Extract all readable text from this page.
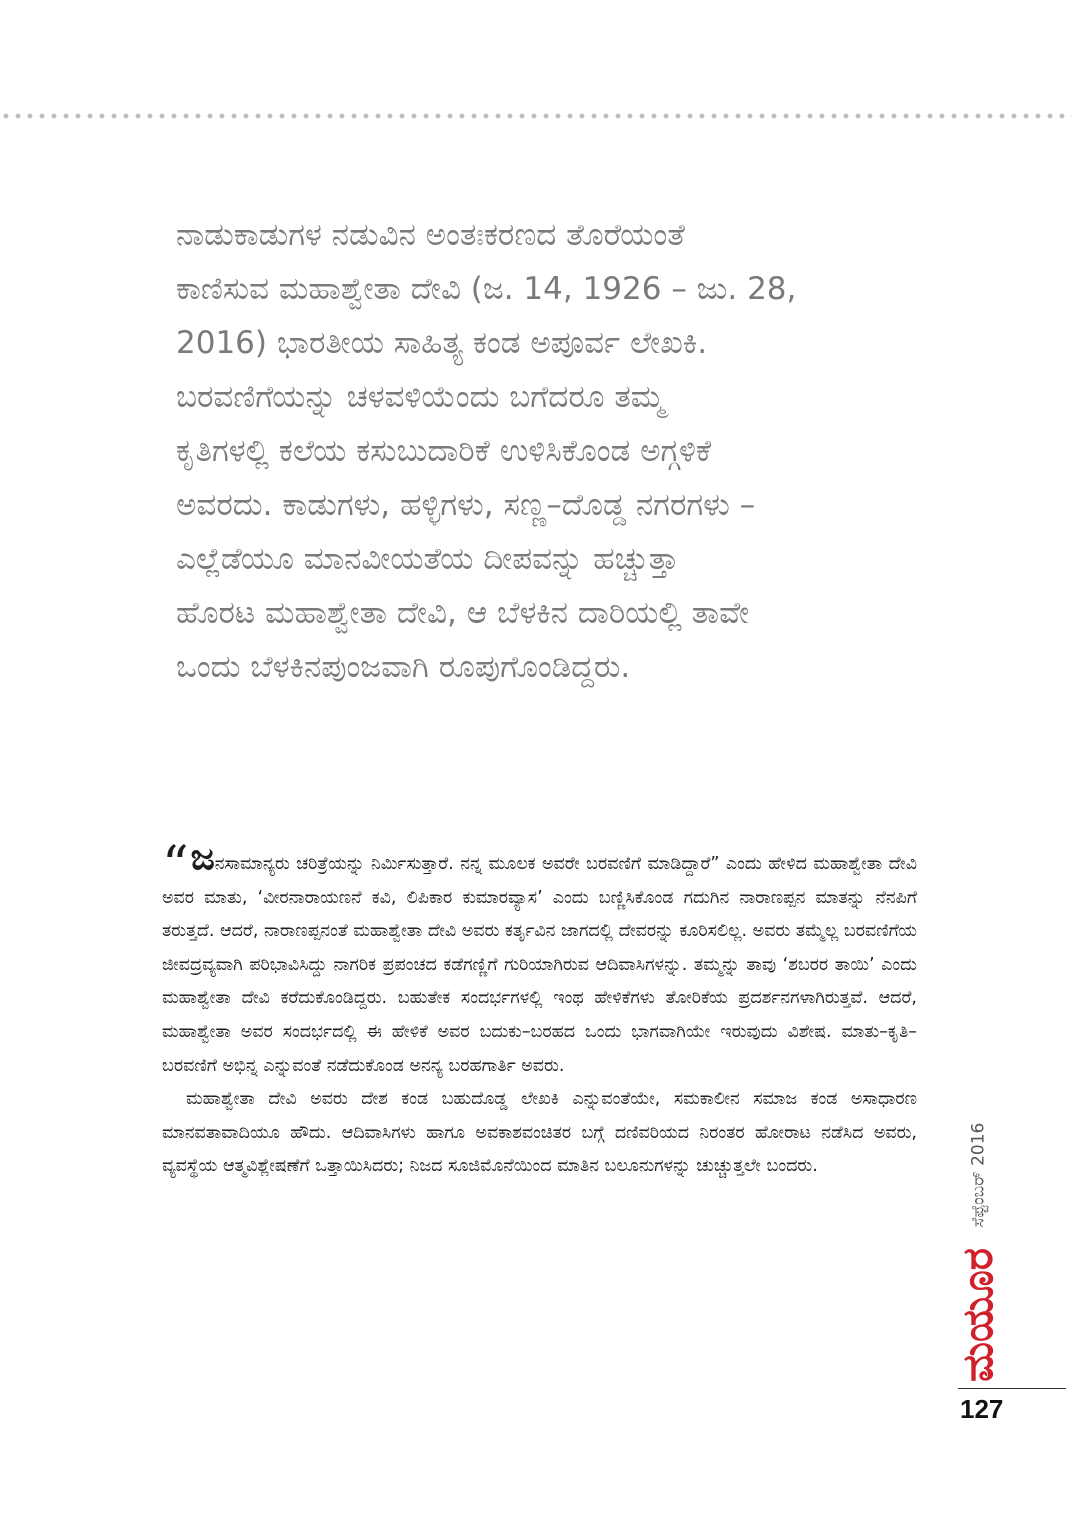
ನಾಡುಕಾಡುಗಳ ನಡುವಿನ ಅಂತಃಕರಣದ ತೊರೆಯಂತೆ
ಕಾಣಿಸುವ ಮಹಾಶ್ವೇತಾ ದೇವಿ (ಜ. 14, 1926 – ಜು. 28,
2016) ಭಾರತೀಯ ಸಾಹಿತ್ಯ ಕಂಡ ಅಪೂರ್ವ ಲೇಖಕಿ.
ಬರವಣಿಗೆಯನ್ನು ಚಳವಳಿಯೆಂದು ಬಗೆದರೂ ತಮ್ಮ
ಕೃತಿಗಳಲ್ಲಿ ಕಲೆಯ ಕಸುಬುದಾರಿಕೆ ಉಳಿಸಿಕೊಂಡ ಅಗ್ಗಳಿಕೆ
ಅವರದು. ಕಾಡುಗಳು, ಹಳ್ಳಿಗಳು, ಸಣ್ಣ–ದೊಡ್ಡ ನಗರಗಳು –
ಎಲ್ಲೆಡೆಯೂ ಮಾನವೀಯತೆಯ ದೀಪವನ್ನು ಹಚ್ಚುತ್ತಾ
ಹೊರಟ ಮಹಾಶ್ವೇತಾ ದೇವಿ, ಆ ಬೆಳಕಿನ ದಾರಿಯಲ್ಲಿ ತಾವೇ
ಒಂದು ಬೆಳಕಿನಪುಂಜವಾಗಿ ರೂಪುಗೊಂಡಿದ್ದರು.

“ಜನಸಾಮಾನ್ಯರು ಚರಿತ್ರೆಯನ್ನು ನಿರ್ಮಿಸುತ್ತಾರೆ. ನನ್ನ ಮೂಲಕ ಅವರೇ ಬರವಣಿಗೆ ಮಾಡಿದ್ದಾರೆ” ಎಂದು ಹೇಳಿದ ಮಹಾಶ್ವೇತಾ ದೇವಿ ಅವರ ಮಾತು, ‘ವೀರನಾರಾಯಣನೆ ಕವಿ, ಲಿಪಿಕಾರ ಕುಮಾರವ್ಯಾಸ’ ಎಂದು ಬಣ್ಣಿಸಿಕೊಂಡ ಗದುಗಿನ ನಾರಾಣಪ್ಪನ ಮಾತನ್ನು ನೆನಪಿಗೆ ತರುತ್ತದೆ. ಆದರೆ, ನಾರಾಣಪ್ಪನಂತೆ ಮಹಾಶ್ವೇತಾ ದೇವಿ ಅವರು ಕರ್ತೃವಿನ ಜಾಗದಲ್ಲಿ ದೇವರನ್ನು ಕೂರಿಸಲಿಲ್ಲ. ಅವರು ತಮ್ಮೆಲ್ಲ ಬರವಣಿಗೆಯ ಜೀವದ್ರವ್ಯವಾಗಿ ಪರಿಭಾವಿಸಿದ್ದು ನಾಗರಿಕ ಪ್ರಪಂಚದ ಕಡೆಗಣ್ಣಿಗೆ ಗುರಿಯಾಗಿರುವ ಆದಿವಾಸಿಗಳನ್ನು. ತಮ್ಮನ್ನು ತಾವು ‘ಶಬರರ ತಾಯಿ’ ಎಂದು ಮಹಾಶ್ವೇತಾ ದೇವಿ ಕರೆದುಕೊಂಡಿದ್ದರು. ಬಹುತೇಕ ಸಂದರ್ಭಗಳಲ್ಲಿ ಇಂಥ ಹೇಳಿಕೆಗಳು ತೋರಿಕೆಯ ಪ್ರದರ್ಶನಗಳಾಗಿರುತ್ತವೆ. ಆದರೆ, ಮಹಾಶ್ವೇತಾ ಅವರ ಸಂದರ್ಭದಲ್ಲಿ ಈ ಹೇಳಿಕೆ ಅವರ ಬದುಕು–ಬರಹದ ಒಂದು ಭಾಗವಾಗಿಯೇ ಇರುವುದು ವಿಶೇಷ. ಮಾತು–ಕೃತಿ–ಬರವಣಿಗೆ ಅಭಿನ್ನ ಎನ್ನುವಂತೆ ನಡೆದುಕೊಂಡ ಅನನ್ಯ ಬರಹಗಾರ್ತಿ ಅವರು.

ಮಹಾಶ್ವೇತಾ ದೇವಿ ಅವರು ದೇಶ ಕಂಡ ಬಹುದೊಡ್ಡ ಲೇಖಕಿ ಎನ್ನುವಂತೆಯೇ, ಸಮಕಾಲೀನ ಸಮಾಜ ಕಂಡ ಅಸಾಧಾರಣ ಮಾನವತಾವಾದಿಯೂ ಹೌದು. ಆದಿವಾಸಿಗಳು ಹಾಗೂ ಅವಕಾಶವಂಚಿತರ ಬಗ್ಗೆ ದಣಿವರಿಯದ ನಿರಂತರ ಹೋರಾಟ ನಡೆಸಿದ ಅವರು, ವ್ಯವಸ್ಥೆಯ ಆತ್ಮವಿಶ್ಲೇಷಣೆಗೆ ಒತ್ತಾಯಿಸಿದರು; ನಿಜದ ಸೂಜಿಮೊನೆಯಿಂದ ಮಾತಿನ ಬಲೂನುಗಳನ್ನು ಚುಚ್ಚುತ್ತಲೇ ಬಂದರು.	ಸೆಪ್ಟೆಂಬರ್ 2016
ಮಯೂರ
127
